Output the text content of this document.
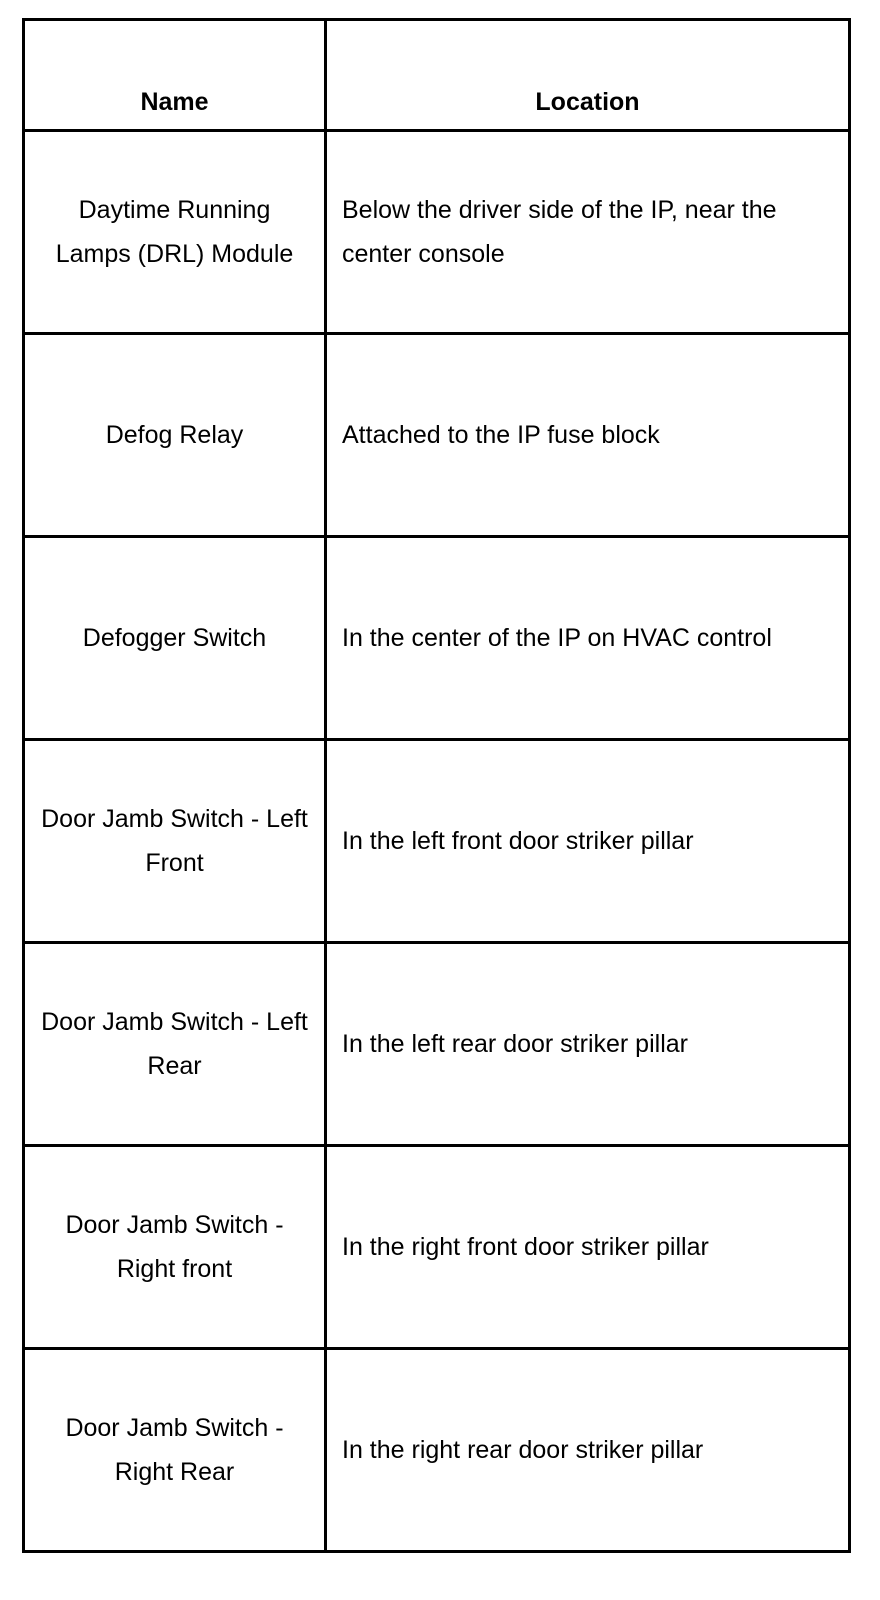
Name	Location
Daytime Running Lamps (DRL) Module	Below the driver side of the IP, near the center console
Defog Relay	Attached to the IP fuse block
Defogger Switch	In the center of the IP on HVAC control
Door Jamb Switch - Left Front	In the left front door striker pillar
Door Jamb Switch - Left Rear	In the left rear door striker pillar
Door Jamb Switch - Right front	In the right front door striker pillar
Door Jamb Switch - Right Rear	In the right rear door striker pillar
